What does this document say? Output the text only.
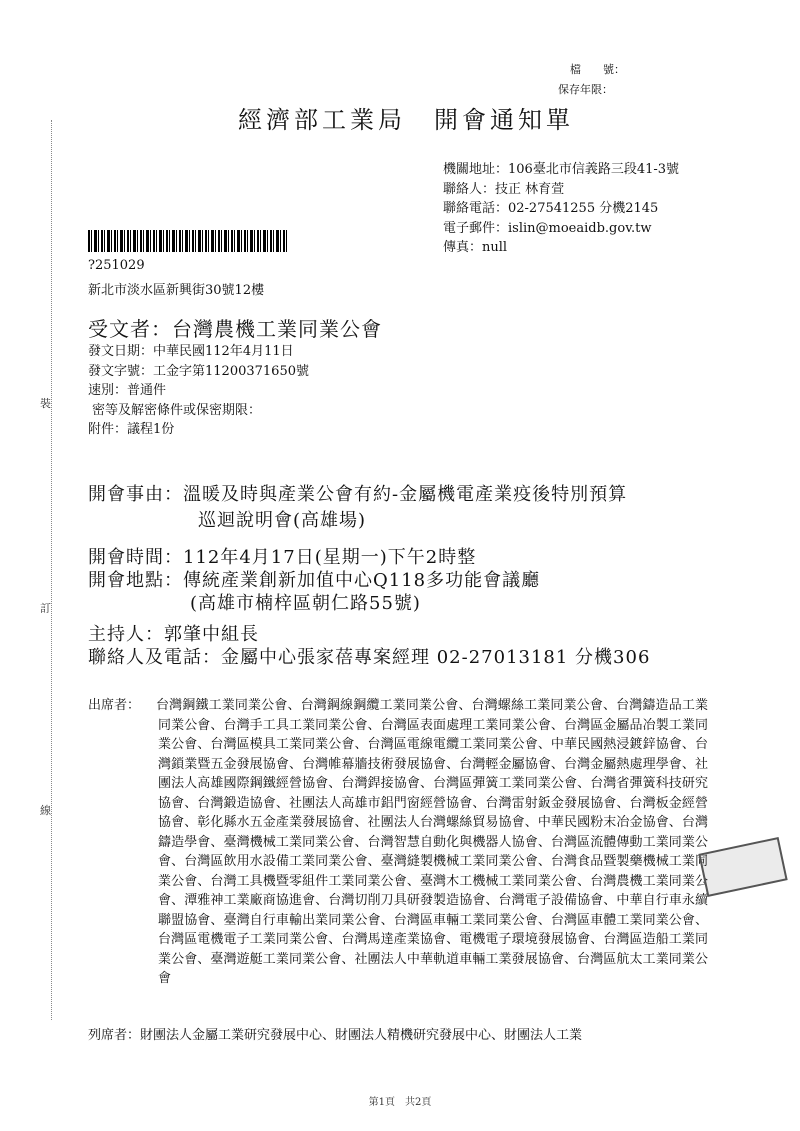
裝
訂
線
檔　　號：
保存年限：
經濟部工業局　開會通知單
機關地址：106臺北市信義路三段41-3號
聯絡人：技正 林育萱
聯絡電話：02-27541255 分機2145
電子郵件：islin@moeaidb.gov.tw
傳真：null
?251029
新北市淡水區新興街30號12樓
受文者：台灣農機工業同業公會
發文日期：中華民國112年4月11日
發文字號：工金字第11200371650號
速別：普通件
密等及解密條件或保密期限：
附件：議程1份
開會事由：溫暖及時與產業公會有約-金屬機電產業疫後特別預算
巡迴說明會(高雄場)
開會時間：112年4月17日(星期一)下午2時整
開會地點：傳統產業創新加值中心Q118多功能會議廳
(高雄市楠梓區朝仁路55號)
主持人：郭肇中組長
聯絡人及電話：金屬中心張家蓓專案經理 02-27013181 分機306
出席者：	台灣鋼鐵工業同業公會、台灣鋼線鋼纜工業同業公會、台灣螺絲工業同業公會、台灣鑄造品工業同業公會、台灣手工具工業同業公會、台灣區表面處理工業同業公會、台灣區金屬品冶製工業同業公會、台灣區模具工業同業公會、台灣區電線電纜工業同業公會、中華民國熱浸鍍鋅協會、台灣鎖業暨五金發展協會、台灣帷幕牆技術發展協會、台灣輕金屬協會、台灣金屬熱處理學會、社團法人高雄國際鋼鐵經營協會、台灣銲接協會、台灣區彈簧工業同業公會、台灣省彈簧科技研究協會、台灣鍛造協會、社團法人高雄市鋁門窗經營協會、台灣雷射鈑金發展協會、台灣板金經營協會、彰化縣水五金產業發展協會、社團法人台灣螺絲貿易協會、中華民國粉末冶金協會、台灣鑄造學會、臺灣機械工業同業公會、台灣智慧自動化與機器人協會、台灣區流體傳動工業同業公會、台灣區飲用水設備工業同業公會、臺灣縫製機械工業同業公會、台灣食品暨製藥機械工業同業公會、台灣工具機暨零組件工業同業公會、臺灣木工機械工業同業公會、台灣農機工業同業公會、潭雅神工業廠商協進會、台灣切削刀具研發製造協會、台灣電子設備協會、中華自行車永續聯盟協會、臺灣自行車輸出業同業公會、台灣區車輛工業同業公會、台灣區車體工業同業公會、台灣區電機電子工業同業公會、台灣馬達產業協會、電機電子環境發展協會、台灣區造船工業同業公會、臺灣遊艇工業同業公會、社團法人中華軌道車輛工業發展協會、台灣區航太工業同業公會
列席者：財團法人金屬工業研究發展中心、財團法人精機研究發展中心、財團法人工業
第1頁　共2頁
